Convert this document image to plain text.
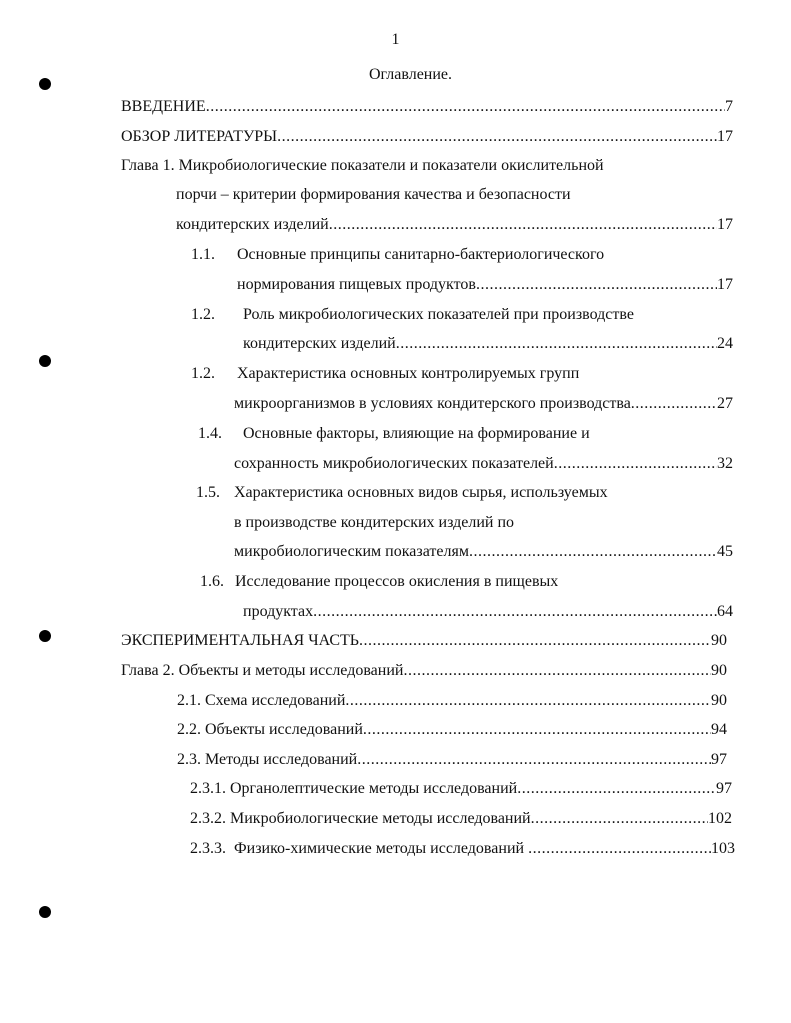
1
Оглавление.
ВВЕДЕНИЕ .....	7
ОБЗОР ЛИТЕРАТУРЫ .....	17
Глава 1. Микробиологические показатели и показатели окислительной
порчи – критерии формирования качества и безопасности
кондитерских изделий .....	17
1.1. Основные принципы санитарно-бактериологического
нормирования пищевых продуктов .....	17
1.2. Роль микробиологических показателей при производстве
кондитерских изделий .....	24
1.2. Характеристика основных контролируемых групп
микроорганизмов в условиях кондитерского производства .....	27
1.4. Основные факторы, влияющие на формирование и
сохранность микробиологических показателей .....	32
1.5. Характеристика основных видов сырья, используемых
в производстве кондитерских изделий по
микробиологическим показателям .....	45
1.6. Исследование процессов окисления в пищевых
продуктах .....	64
ЭКСПЕРИМЕНТАЛЬНАЯ ЧАСТЬ .....	90
Глава 2. Объекты и методы исследований .....	90
2.1. Схема исследований .....	90
2.2. Объекты исследований .....	94
2.3. Методы исследований .....	97
2.3.1. Органолептические методы исследований .....	97
2.3.2. Микробиологические методы исследований .....	102
2.3.3.  Физико-химические методы исследований .....	103
